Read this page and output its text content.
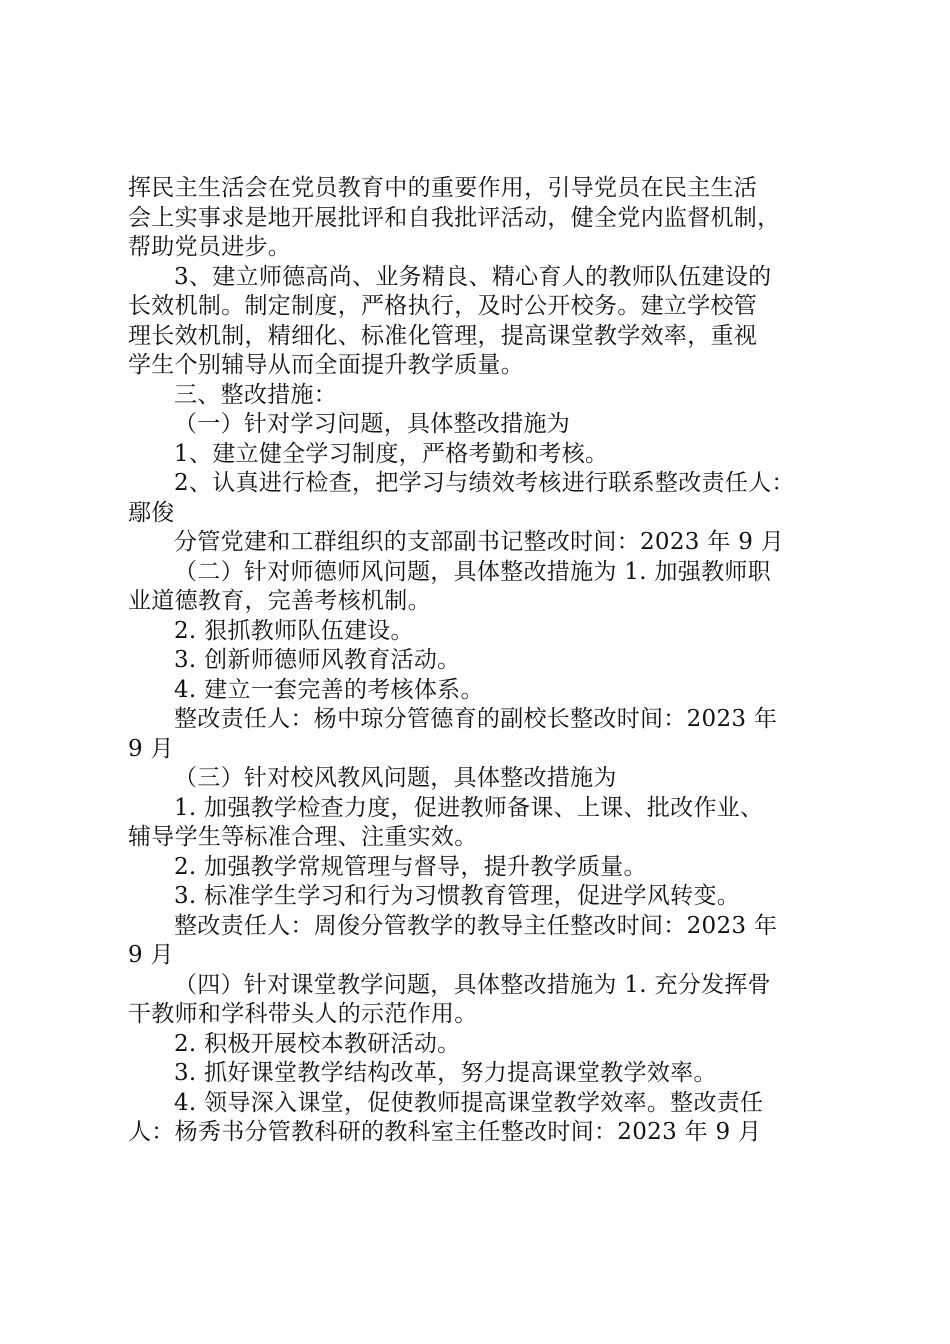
挥民主生活会在党员教育中的重要作用，引导党员在民主生活
会上实事求是地开展批评和自我批评活动，健全党内监督机制，
帮助党员进步。
3、建立师德高尚、业务精良、精心育人的教师队伍建设的
长效机制。制定制度，严格执行，及时公开校务。建立学校管
理长效机制，精细化、标准化管理，提高课堂教学效率，重视
学生个别辅导从而全面提升教学质量。
三、整改措施：
（一）针对学习问题，具体整改措施为
1、建立健全学习制度，严格考勤和考核。
2、认真进行检查，把学习与绩效考核进行联系整改责任人：
鄢俊
分管党建和工群组织的支部副书记整改时间：2023 年 9 月
（二）针对师德师风问题，具体整改措施为 1. 加强教师职
业道德教育，完善考核机制。
2. 狠抓教师队伍建设。
3. 创新师德师风教育活动。
4. 建立一套完善的考核体系。
整改责任人：杨中琼分管德育的副校长整改时间：2023 年
9 月
（三）针对校风教风问题，具体整改措施为
1. 加强教学检查力度，促进教师备课、上课、批改作业、
辅导学生等标准合理、注重实效。
2. 加强教学常规管理与督导，提升教学质量。
3. 标准学生学习和行为习惯教育管理，促进学风转变。
整改责任人：周俊分管教学的教导主任整改时间：2023 年
9 月
（四）针对课堂教学问题，具体整改措施为 1. 充分发挥骨
干教师和学科带头人的示范作用。
2. 积极开展校本教研活动。
3. 抓好课堂教学结构改革，努力提高课堂教学效率。
4. 领导深入课堂，促使教师提高课堂教学效率。整改责任
人：杨秀书分管教科研的教科室主任整改时间：2023 年 9 月
